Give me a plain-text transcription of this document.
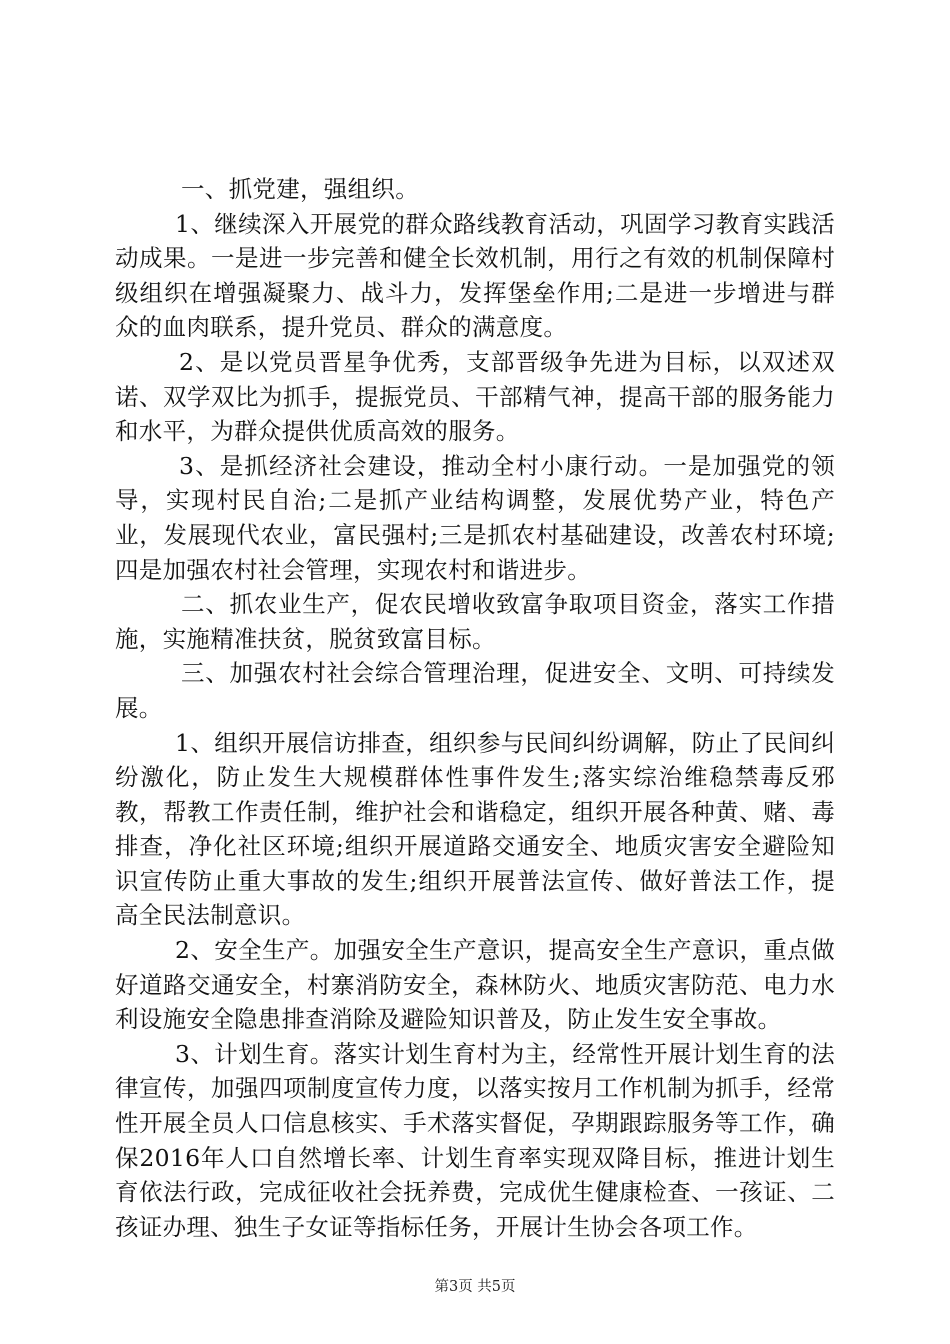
一、抓党建，强组织。

1、继续深入开展党的群众路线教育活动，巩固学习教育实践活动成果。一是进一步完善和健全长效机制，用行之有效的机制保障村级组织在增强凝聚力、战斗力，发挥堡垒作用;二是进一步增进与群众的血肉联系，提升党员、群众的满意度。

2、是以党员晋星争优秀，支部晋级争先进为目标，以双述双诺、双学双比为抓手，提振党员、干部精气神，提高干部的服务能力和水平，为群众提供优质高效的服务。

3、是抓经济社会建设，推动全村小康行动。一是加强党的领导，实现村民自治;二是抓产业结构调整，发展优势产业，特色产业，发展现代农业，富民强村;三是抓农村基础建设，改善农村环境;四是加强农村社会管理，实现农村和谐进步。

二、抓农业生产，促农民增收致富争取项目资金，落实工作措施，实施精准扶贫，脱贫致富目标。

三、加强农村社会综合管理治理，促进安全、文明、可持续发展。

1、组织开展信访排查，组织参与民间纠纷调解，防止了民间纠纷激化，防止发生大规模群体性事件发生;落实综治维稳禁毒反邪教，帮教工作责任制，维护社会和谐稳定，组织开展各种黄、赌、毒排查，净化社区环境;组织开展道路交通安全、地质灾害安全避险知识宣传防止重大事故的发生;组织开展普法宣传、做好普法工作，提高全民法制意识。

2、安全生产。加强安全生产意识，提高安全生产意识，重点做好道路交通安全，村寨消防安全，森林防火、地质灾害防范、电力水利设施安全隐患排查消除及避险知识普及，防止发生安全事故。

3、计划生育。落实计划生育村为主，经常性开展计划生育的法律宣传，加强四项制度宣传力度，以落实按月工作机制为抓手，经常性开展全员人口信息核实、手术落实督促，孕期跟踪服务等工作，确保2016年人口自然增长率、计划生育率实现双降目标，推进计划生育依法行政，完成征收社会抚养费，完成优生健康检查、一孩证、二孩证办理、独生子女证等指标任务，开展计生协会各项工作。

第3页 共5页
